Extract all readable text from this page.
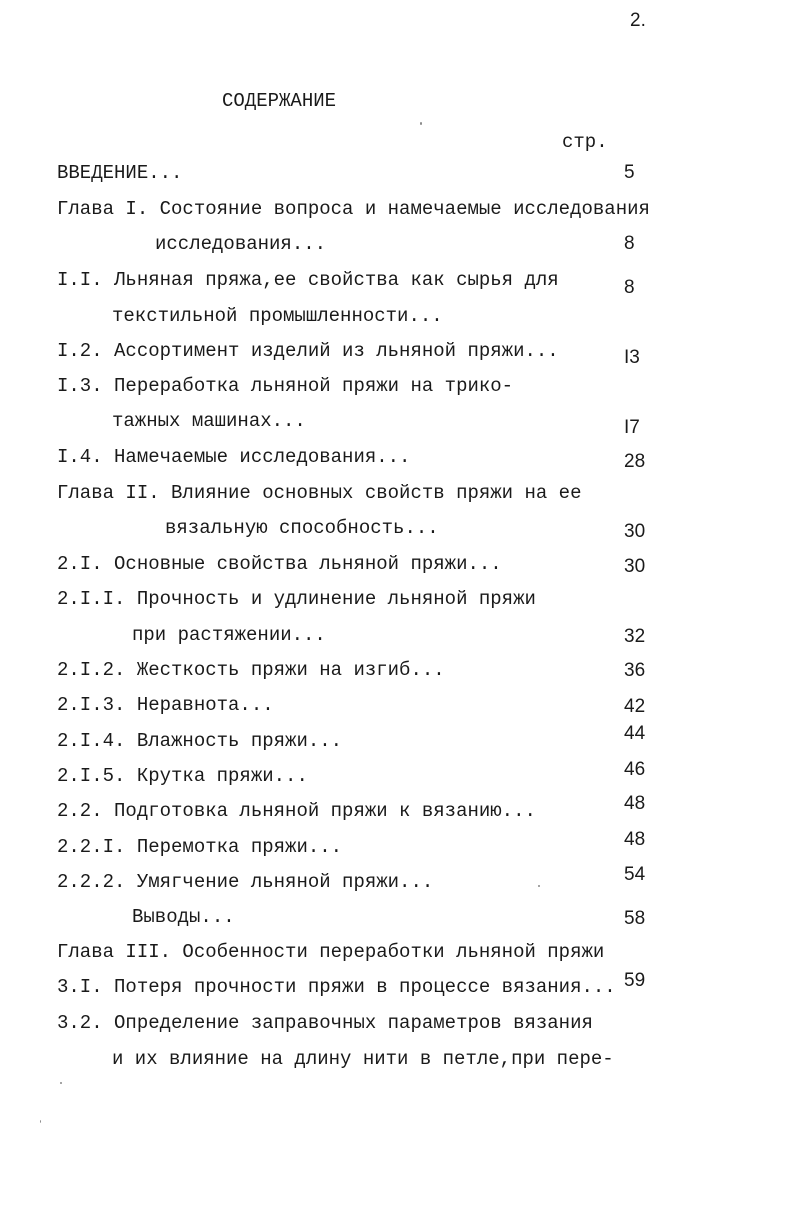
2.
СОДЕРЖАНИЕ
стр.
ВВЕДЕНИЕ...	5
Глава I. Состояние вопроса и намечаемые исследования
исследования...	8
I.I. Льняная пряжа,ее свойства как сырья для	8
текстильной промышленности...
I.2. Ассортимент изделий из льняной пряжи...	I3
I.3. Переработка льняной пряжи на трико-
тажных машинах...	I7
I.4. Намечаемые исследования...	28
Глава II. Влияние основных свойств пряжи на ее
вязальную способность...	30
2.I. Основные свойства льняной пряжи...	30
2.I.I. Прочность и удлинение льняной пряжи
при растяжении...	32
2.I.2. Жесткость пряжи на изгиб...	36
2.I.3. Неравнота...	42
2.I.4. Влажность пряжи...	44
2.I.5. Крутка пряжи...	46
2.2. Подготовка льняной пряжи к вязанию...	48
2.2.I. Перемотка пряжи...	48
2.2.2. Умягчение льняной пряжи...	54
Выводы...	58
Глава III. Особенности переработки льняной пряжи
3.I. Потеря прочности пряжи в процессе вязания... 59
3.2. Определение заправочных параметров вязания
и их влияние на длину нити в петле,при пере-
